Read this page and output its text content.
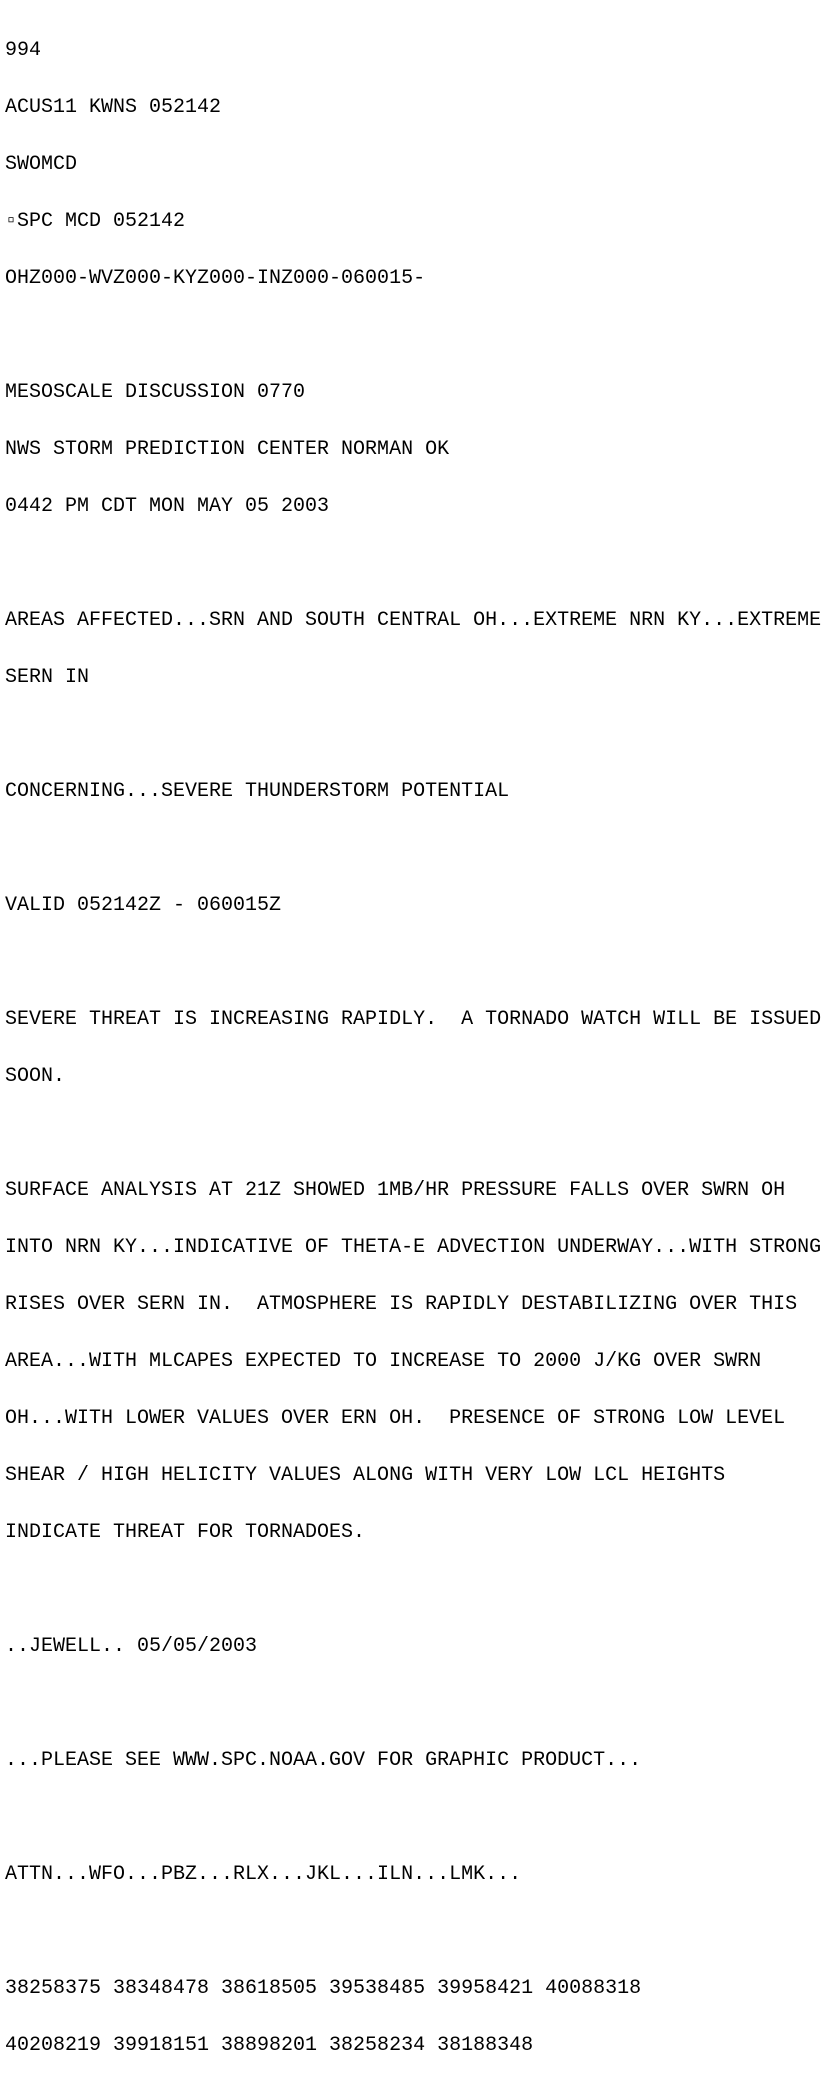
994

ACUS11 KWNS 052142

SWOMCD

▫SPC MCD 052142

OHZ000-WVZ000-KYZ000-INZ000-060015-

MESOSCALE DISCUSSION 0770

NWS STORM PREDICTION CENTER NORMAN OK

0442 PM CDT MON MAY 05 2003

AREAS AFFECTED...SRN AND SOUTH CENTRAL OH...EXTREME NRN KY...EXTREME

SERN IN

CONCERNING...SEVERE THUNDERSTORM POTENTIAL

VALID 052142Z - 060015Z

SEVERE THREAT IS INCREASING RAPIDLY.  A TORNADO WATCH WILL BE ISSUED

SOON.

SURFACE ANALYSIS AT 21Z SHOWED 1MB/HR PRESSURE FALLS OVER SWRN OH

INTO NRN KY...INDICATIVE OF THETA-E ADVECTION UNDERWAY...WITH STRONG

RISES OVER SERN IN.  ATMOSPHERE IS RAPIDLY DESTABILIZING OVER THIS

AREA...WITH MLCAPES EXPECTED TO INCREASE TO 2000 J/KG OVER SWRN

OH...WITH LOWER VALUES OVER ERN OH.  PRESENCE OF STRONG LOW LEVEL

SHEAR / HIGH HELICITY VALUES ALONG WITH VERY LOW LCL HEIGHTS

INDICATE THREAT FOR TORNADOES.

..JEWELL.. 05/05/2003

...PLEASE SEE WWW.SPC.NOAA.GOV FOR GRAPHIC PRODUCT...

ATTN...WFO...PBZ...RLX...JKL...ILN...LMK...

38258375 38348478 38618505 39538485 39958421 40088318

40208219 39918151 38898201 38258234 38188348
